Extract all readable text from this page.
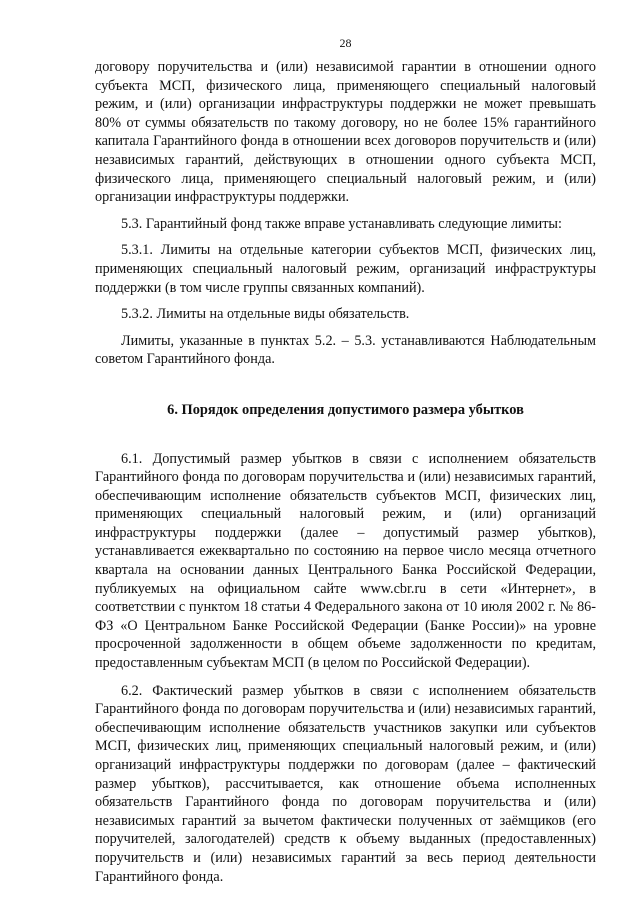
28

договору поручительства и (или) независимой гарантии в отношении одного субъекта МСП, физического лица, применяющего специальный налоговый режим, и (или) организации инфраструктуры поддержки не может превышать 80% от суммы обязательств по такому договору, но не более 15% гарантийного капитала Гарантийного фонда в отношении всех договоров поручительств и (или) независимых гарантий, действующих в отношении одного субъекта МСП, физического лица, применяющего специальный налоговый режим, и (или) организации инфраструктуры поддержки.

5.3. Гарантийный фонд также вправе устанавливать следующие лимиты:

5.3.1. Лимиты на отдельные категории субъектов МСП, физических лиц, применяющих специальный налоговый режим, организаций инфраструктуры поддержки (в том числе группы связанных компаний).

5.3.2. Лимиты на отдельные виды обязательств.

Лимиты, указанные в пунктах 5.2. – 5.3. устанавливаются Наблюдательным советом Гарантийного фонда.

6. Порядок определения допустимого размера убытков

6.1. Допустимый размер убытков в связи с исполнением обязательств Гарантийного фонда по договорам поручительства и (или) независимых гарантий, обеспечивающим исполнение обязательств субъектов МСП, физических лиц, применяющих специальный налоговый режим, и (или) организаций инфраструктуры поддержки (далее – допустимый размер убытков), устанавливается ежеквартально по состоянию на первое число месяца отчетного квартала на основании данных Центрального Банка Российской Федерации, публикуемых на официальном сайте www.cbr.ru в сети «Интернет», в соответствии с пунктом 18 статьи 4 Федерального закона от 10 июля 2002 г. № 86-ФЗ «О Центральном Банке Российской Федерации (Банке России)» на уровне просроченной задолженности в общем объеме задолженности по кредитам, предоставленным субъектам МСП (в целом по Российской Федерации).

6.2. Фактический размер убытков в связи с исполнением обязательств Гарантийного фонда по договорам поручительства и (или) независимых гарантий, обеспечивающим исполнение обязательств участников закупки или субъектов МСП, физических лиц, применяющих специальный налоговый режим, и (или) организаций инфраструктуры поддержки по договорам (далее – фактический размер убытков), рассчитывается, как отношение объема исполненных обязательств Гарантийного фонда по договорам поручительства и (или) независимых гарантий за вычетом фактически полученных от заёмщиков (его поручителей, залогодателей) средств к объему выданных (предоставленных) поручительств и (или) независимых гарантий за весь период деятельности Гарантийного фонда.
